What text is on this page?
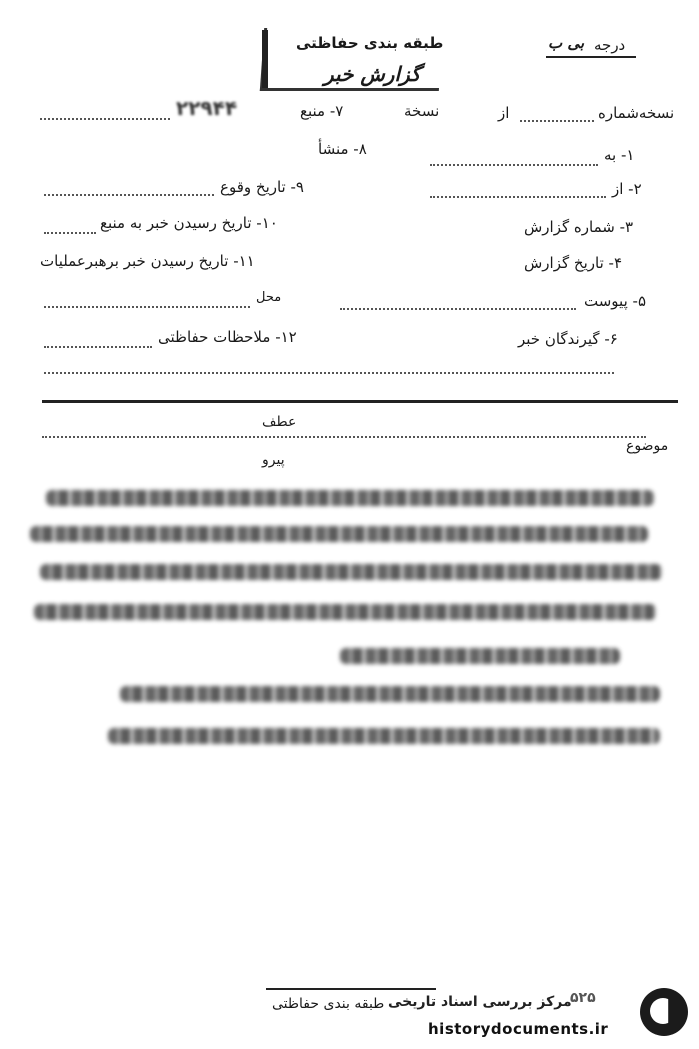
طبقه بندی حفاظتی
گزارش خبر
درجه
بی ب
نسخه‌شماره
از
نسخة
۷- منبع
۲۲۹۴۴
۱- به
۸- منشأ
۲- از
۹- تاریخ وقوع
۳- شماره گزارش
۱۰- تاریخ رسیدن خبر به منبع
۴- تاریخ گزارش
۱۱- تاریخ رسیدن خبر برهبرعملیات
۵- پیوست
محل
۶- گیرندگان خبر
۱۲- ملاحظات حفاظتی
عطف
موضوع
پیرو
طبقه بندی حفاظتی	۵۲۵
مرکز بررسی اسناد تاریخی
historydocuments.ir
